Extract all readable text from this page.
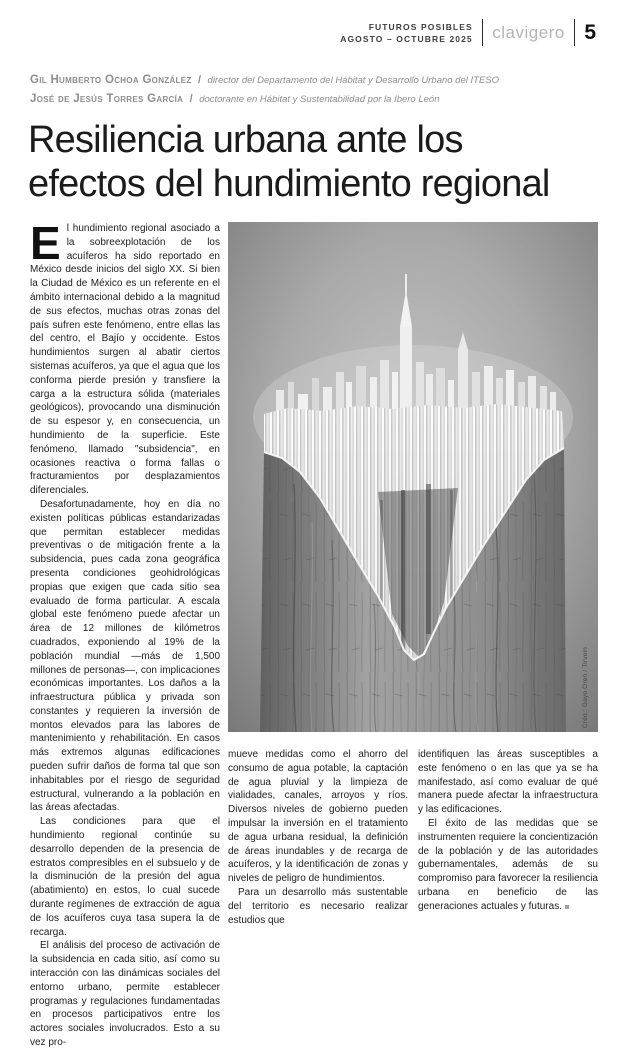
FUTUROS POSIBLES
AGOSTO – OCTUBRE 2025 clavigero 5
Gil Humberto Ochoa González / director del Departamento del Hábitat y Desarrollo Urbano del ITESO
José de Jesús Torres García / doctorante en Hábitat y Sustentabilidad por la Ibero León
Resiliencia urbana ante los
efectos del hundimiento regional

El hundimiento regional asociado a la sobreexplotación de los acuíferos ha sido reportado en México desde inicios del siglo XX. Si bien la Ciudad de México es un referente en el ámbito internacional debido a la magnitud de sus efectos, muchas otras zonas del país sufren este fenómeno, entre ellas las del centro, el Bajío y occidente. Estos hundimientos surgen al abatir ciertos sistemas acuíferos, ya que el agua que los conforma pierde presión y transfiere la carga a la estructura sólida (materiales geológicos), provocando una disminución de su espesor y, en consecuencia, un hundimiento de la superficie. Este fenómeno, llamado "subsidencia", en ocasiones reactiva o forma fallas o fracturamientos por desplazamientos diferenciales.

Desafortunadamente, hoy en día no existen políticas públicas estandarizadas que permitan establecer medidas preventivas o de mitigación frente a la subsidencia, pues cada zona geográfica presenta condiciones geohidrológicas propias que exigen que cada sitio sea evaluado de forma particular. A escala global este fenómeno puede afectar un área de 12 millones de kilómetros cuadrados, exponiendo al 19% de la población mundial —más de 1,500 millones de personas—, con implicaciones económicas importantes. Los daños a la infraestructura pública y privada son constantes y requieren la inversión de montos elevados para las labores de mantenimiento y rehabilitación. En casos más extremos algunas edificaciones pueden sufrir daños de forma tal que son inhabitables por el riesgo de seguridad estructural, vulnerando a la población en las áreas afectadas.

Las condiciones para que el hundimiento regional continúe su desarrollo dependen de la presencia de estratos compresibles en el subsuelo y de la disminución de la presión del agua (abatimiento) en estos, lo cual sucede durante regímenes de extracción de agua de los acuíferos cuya tasa supera la de recarga.

El análisis del proceso de activación de la subsidencia en cada sitio, así como su interacción con las dinámicas sociales del entorno urbano, permite establecer programas y regulaciones fundamentadas en procesos participativos entre los actores sociales involucrados. Esto a su vez pro-

Créd.: Gayo Oren / Tirvein

mueve medidas como el ahorro del consumo de agua potable, la captación de agua pluvial y la limpieza de vialidades, canales, arroyos y ríos. Diversos niveles de gobierno pueden impulsar la inversión en el tratamiento de agua urbana residual, la definición de áreas inundables y de recarga de acuíferos, y la identificación de zonas y niveles de peligro de hundimientos.

Para un desarrollo más sustentable del territorio es necesario realizar estudios que

identifiquen las áreas susceptibles a este fenómeno o en las que ya se ha manifestado, así como evaluar de qué manera puede afectar la infraestructura y las edificaciones.

El éxito de las medidas que se instrumenten requiere la concientización de la población y de las autoridades gubernamentales, además de su compromiso para favorecer la resiliencia urbana en beneficio de las generaciones actuales y futuras.
